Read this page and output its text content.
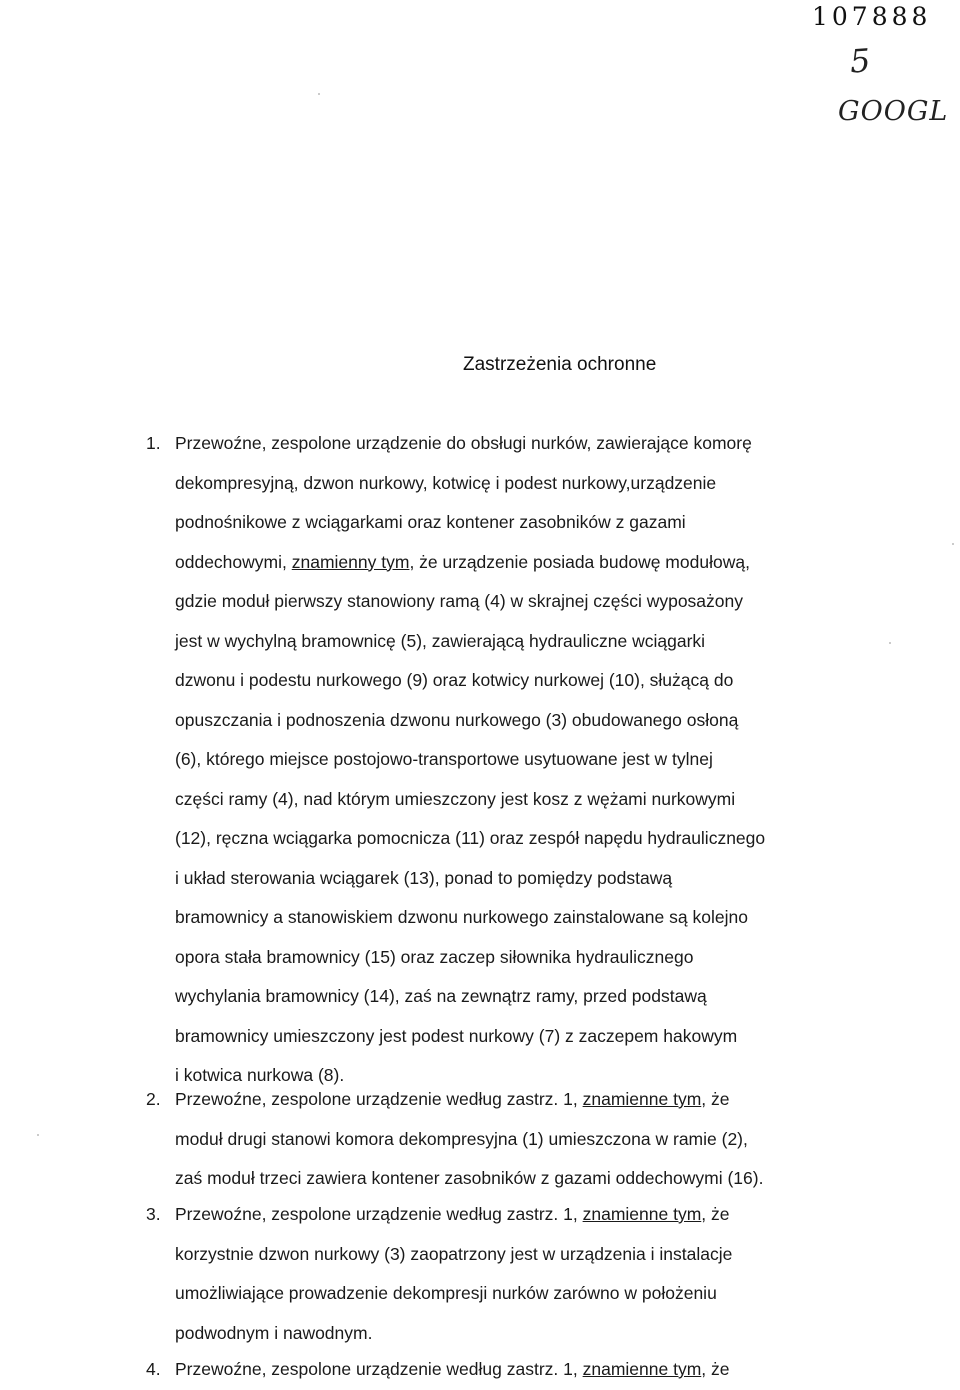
107888
5
GOOGL
Zastrzeżenia ochronne
1. Przewoźne, zespolone urządzenie do obsługi nurków, zawierające komorę
dekompresyjną, dzwon nurkowy, kotwicę i podest nurkowy,urządzenie
podnośnikowe z wciągarkami oraz kontener zasobników z gazami
oddechowymi, znamienny tym, że urządzenie posiada budowę modułową,
gdzie moduł pierwszy stanowiony ramą (4) w skrajnej części wyposażony
jest w wychylną bramownicę (5), zawierającą hydrauliczne wciągarki
dzwonu i podestu nurkowego (9) oraz kotwicy nurkowej (10), służącą do
opuszczania i podnoszenia dzwonu nurkowego (3) obudowanego osłoną
(6), którego miejsce postojowo-transportowe usytuowane jest w tylnej
części ramy (4), nad którym umieszczony jest kosz z wężami nurkowymi
(12), ręczna wciągarka pomocnicza (11) oraz zespół napędu hydraulicznego
i układ sterowania wciągarek (13), ponad to pomiędzy podstawą
bramownicy a stanowiskiem dzwonu nurkowego zainstalowane są kolejno
opora stała bramownicy (15) oraz zaczep siłownika hydraulicznego
wychylania bramownicy (14), zaś na zewnątrz ramy, przed podstawą
bramownicy umieszczony jest podest nurkowy (7) z zaczepem hakowym
i kotwica nurkowa (8).
2. Przewoźne, zespolone urządzenie według zastrz. 1, znamienne tym, że
moduł drugi stanowi komora dekompresyjna (1) umieszczona w ramie (2),
zaś moduł trzeci zawiera kontener zasobników z gazami oddechowymi (16).
3. Przewoźne, zespolone urządzenie według zastrz. 1, znamienne tym, że
korzystnie dzwon nurkowy (3) zaopatrzony jest w urządzenia i instalacje
umożliwiające prowadzenie dekompresji nurków zarówno w położeniu
podwodnym i nawodnym.
4. Przewoźne, zespolone urządzenie według zastrz. 1, znamienne tym, że
